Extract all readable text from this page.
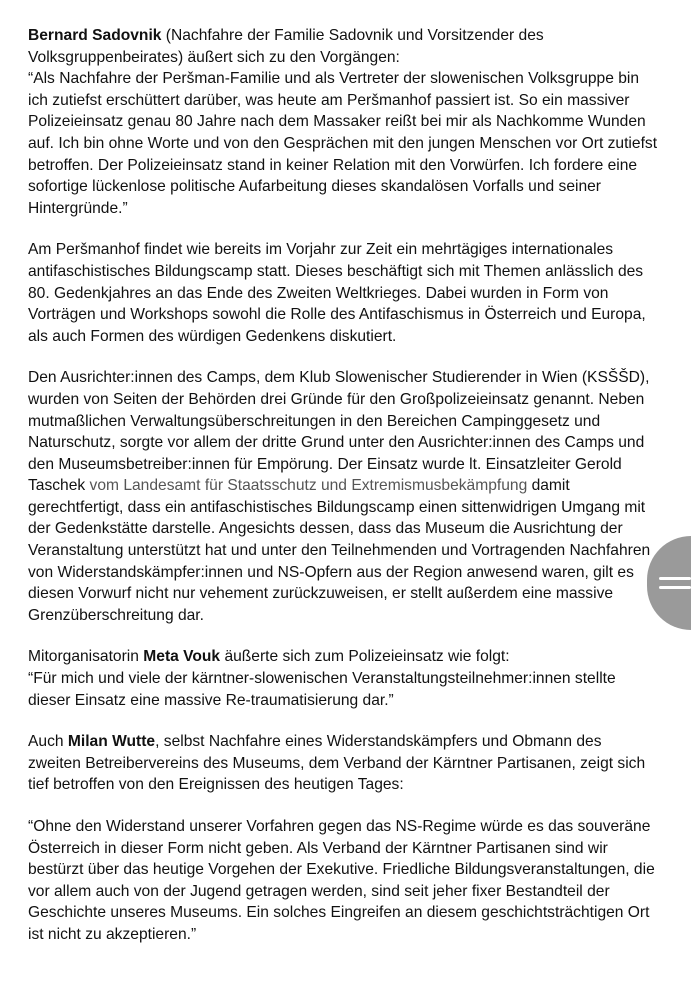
Bernard Sadovnik (Nachfahre der Familie Sadovnik und Vorsitzender des Volksgruppenbeirates) äußert sich zu den Vorgängen:
“Als Nachfahre der Peršman-Familie und als Vertreter der slowenischen Volksgruppe bin ich zutiefst erschüttert darüber, was heute am Peršmanhof passiert ist. So ein massiver Polizeieinsatz genau 80 Jahre nach dem Massaker reißt bei mir als Nachkomme Wunden auf. Ich bin ohne Worte und von den Gesprächen mit den jungen Menschen vor Ort zutiefst betroffen. Der Polizeieinsatz stand in keiner Relation mit den Vorwürfen. Ich fordere eine sofortige lückenlose politische Aufarbeitung dieses skandalösen Vorfalls und seiner Hintergründe.”

Am Peršmanhof findet wie bereits im Vorjahr zur Zeit ein mehrtägiges internationales antifaschistisches Bildungscamp statt. Dieses beschäftigt sich mit Themen anlässlich des 80. Gedenkjahres an das Ende des Zweiten Weltkrieges. Dabei wurden in Form von Vorträgen und Workshops sowohl die Rolle des Antifaschismus in Österreich und Europa, als auch Formen des würdigen Gedenkens diskutiert.

Den Ausrichter:innen des Camps, dem Klub Slowenischer Studierender in Wien (KSŠŠD), wurden von Seiten der Behörden drei Gründe für den Großpolizeieinsatz genannt. Neben mutmaßlichen Verwaltungsüberschreitungen in den Bereichen Campinggesetz und Naturschutz, sorgte vor allem der dritte Grund unter den Ausrichter:innen des Camps und den Museumsbetreiber:innen für Empörung. Der Einsatz wurde lt. Einsatzleiter Gerold Taschek vom Landesamt für Staatsschutz und Extremismusbekämpfung damit gerechtfertigt, dass ein antifaschistisches Bildungscamp einen sittenwidrigen Umgang mit der Gedenkstätte darstelle. Angesichts dessen, dass das Museum die Ausrichtung der Veranstaltung unterstützt hat und unter den Teilnehmenden und Vortragenden Nachfahren von Widerstandskämpfer:innen und NS-Opfern aus der Region anwesend waren, gilt es diesen Vorwurf nicht nur vehement zurückzuweisen, er stellt außerdem eine massive Grenzüberschreitung dar.

Mitorganisatorin Meta Vouk äußerte sich zum Polizeieinsatz wie folgt:
“Für mich und viele der kärntner-slowenischen Veranstaltungsteilnehmer:innen stellte dieser Einsatz eine massive Re-traumatisierung dar.”

Auch Milan Wutte, selbst Nachfahre eines Widerstandskämpfers und Obmann des zweiten Betreibervereins des Museums, dem Verband der Kärntner Partisanen, zeigt sich tief betroffen von den Ereignissen des heutigen Tages:

“Ohne den Widerstand unserer Vorfahren gegen das NS-Regime würde es das souveräne Österreich in dieser Form nicht geben. Als Verband der Kärntner Partisanen sind wir bestürzt über das heutige Vorgehen der Exekutive. Friedliche Bildungsveranstaltungen, die vor allem auch von der Jugend getragen werden, sind seit jeher fixer Bestandteil der Geschichte unseres Museums. Ein solches Eingreifen an diesem geschichtsträchtigen Ort ist nicht zu akzeptieren.”
